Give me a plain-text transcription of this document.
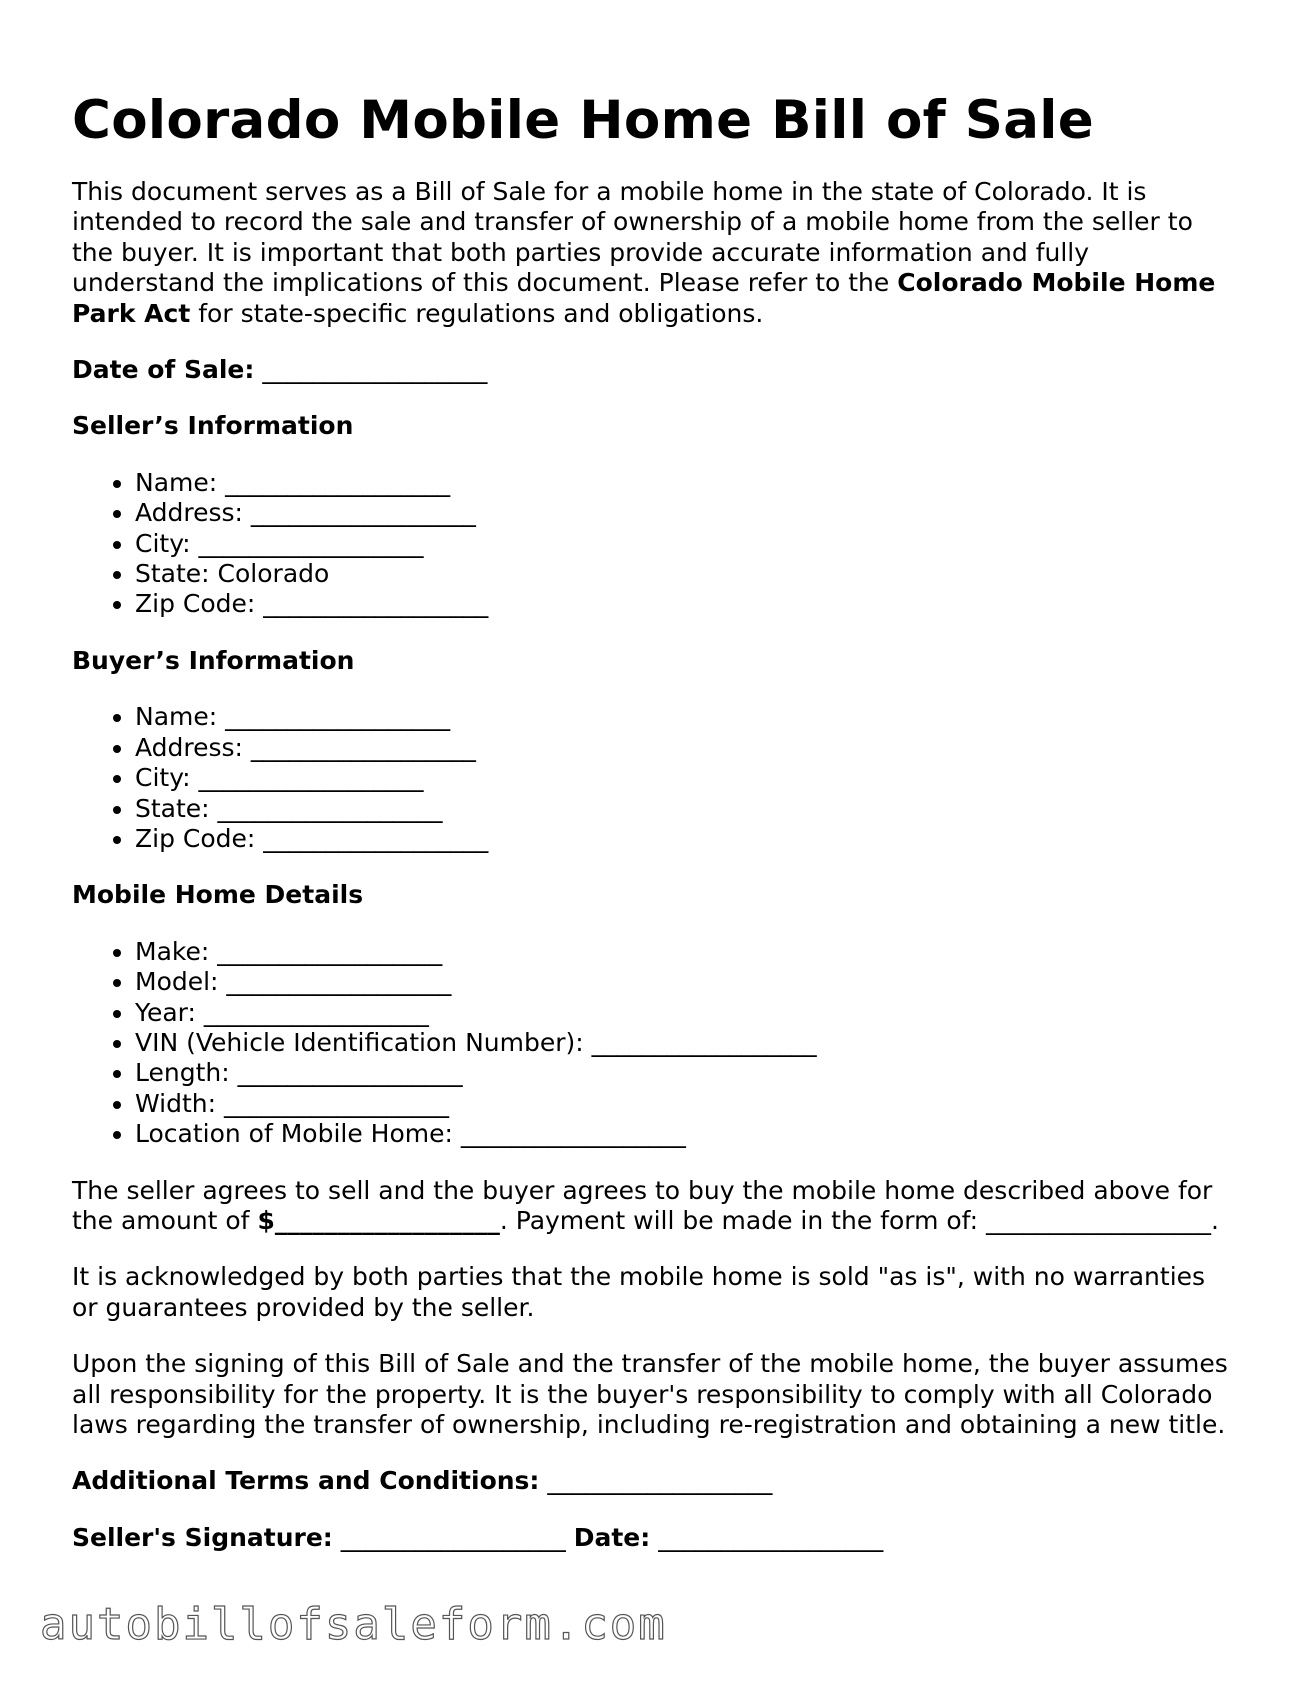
Colorado Mobile Home Bill of Sale

This document serves as a Bill of Sale for a mobile home in the state of Colorado. It is intended to record the sale and transfer of ownership of a mobile home from the seller to the buyer. It is important that both parties provide accurate information and fully understand the implications of this document. Please refer to the Colorado Mobile Home Park Act for state-specific regulations and obligations.

Date of Sale: __________________
Seller’s Information
• Name: __________________
• Address: __________________
• City: __________________
• State: Colorado
• Zip Code: __________________
Buyer’s Information
• Name: __________________
• Address: __________________
• City: __________________
• State: __________________
• Zip Code: __________________
Mobile Home Details
• Make: __________________
• Model: __________________
• Year: __________________
• VIN (Vehicle Identification Number): __________________
• Length: __________________
• Width: __________________
• Location of Mobile Home: __________________

The seller agrees to sell and the buyer agrees to buy the mobile home described above for the amount of $__________________. Payment will be made in the form of: __________________.

It is acknowledged by both parties that the mobile home is sold "as is", with no warranties or guarantees provided by the seller.

Upon the signing of this Bill of Sale and the transfer of the mobile home, the buyer assumes all responsibility for the property. It is the buyer's responsibility to comply with all Colorado laws regarding the transfer of ownership, including re-registration and obtaining a new title.

Additional Terms and Conditions: __________________
Seller's Signature: __________________ Date: __________________
autobillofsaleform.com
